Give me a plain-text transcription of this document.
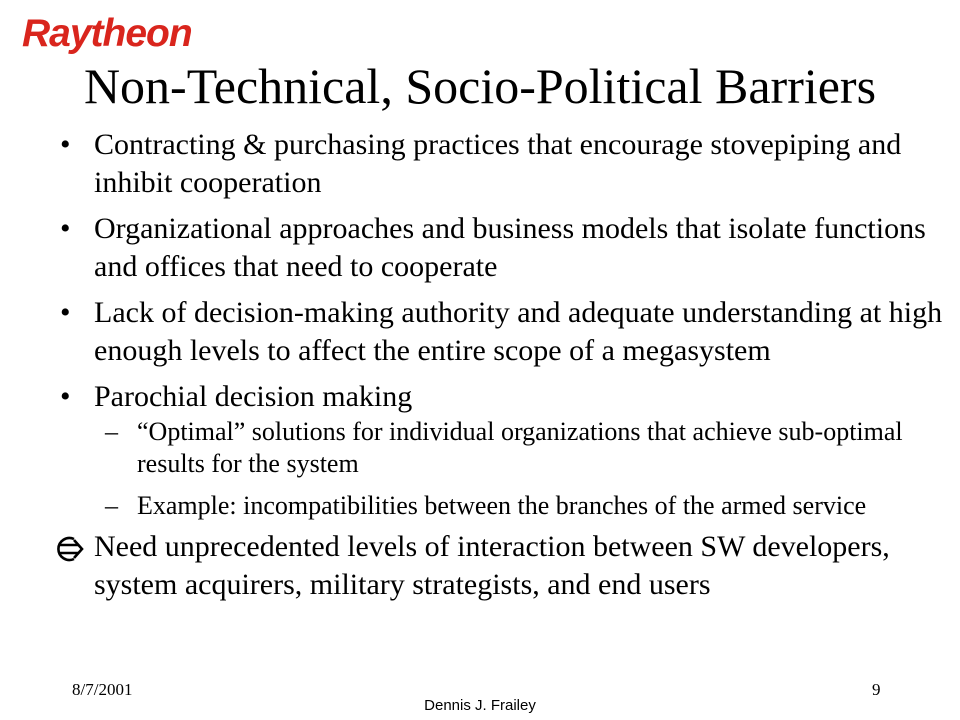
Raytheon
Non-Technical, Socio-Political Barriers
• Contracting & purchasing practices that encourage stovepiping and inhibit cooperation
• Organizational approaches and business models that isolate functions and offices that need to cooperate
• Lack of decision-making authority and adequate understanding at high enough levels to affect the entire scope of a megasystem
• Parochial decision making
– “Optimal” solutions for individual organizations that achieve sub-optimal results for the system
– Example: incompatibilities between the branches of the armed service
Need unprecedented levels of interaction between SW developers, system acquirers, military strategists, and end users
8/7/2001	9
Dennis J. Frailey
